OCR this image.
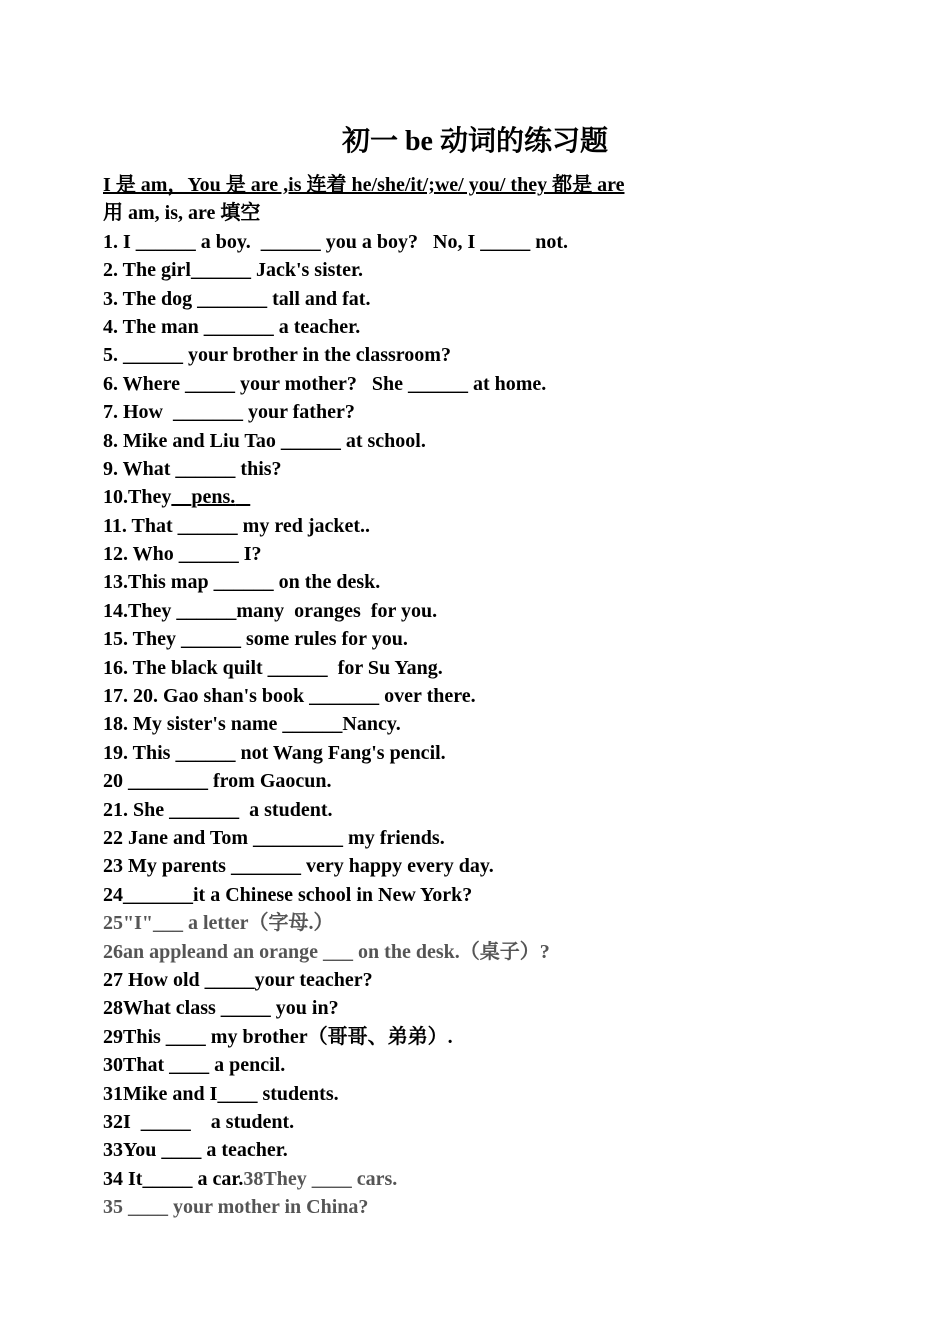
初一 be 动词的练习题

I 是 am，You 是 are ,is 连着 he/she/it/;we/ you/ they 都是 are

用 am, is, are 填空

1. I ______ a boy.  ______ you a boy?   No, I _____ not.

2. The girl______ Jack's sister.

3. The dog _______ tall and fat.

4. The man _______ a teacher.

5. ______ your brother in the classroom?

6. Where _____ your mother?   She ______ at home.

7. How  _______ your father?

8. Mike and Liu Tao ______ at school.

9. What ______ this?

10.They pens.

11. That ______ my red jacket..

12. Who ______ I?

13.This map ______ on the desk.

14.They ______many  oranges  for you.

15. They ______ some rules for you.

16. The black quilt ______  for Su Yang.

17. 20. Gao shan's book _______ over there.

18. My sister's name ______Nancy.

19. This ______ not Wang Fang's pencil.

20 ________ from Gaocun.

21. She _______  a student.

22 Jane and Tom _________ my friends.

23 My parents _______ very happy every day.

24_______it a Chinese school in New York?

25"I"___ a letter（字母.）

26an appleand an orange ___ on the desk.（桌子）?

27 How old _____your teacher?

28What class _____ you in?

29This ____ my brother（哥哥、弟弟）.

30That ____ a pencil.

31Mike and I____ students.

32I  _____    a student.

33You ____ a teacher.

34 It_____ a car.38They ____ cars.

35 ____ your mother in China?
